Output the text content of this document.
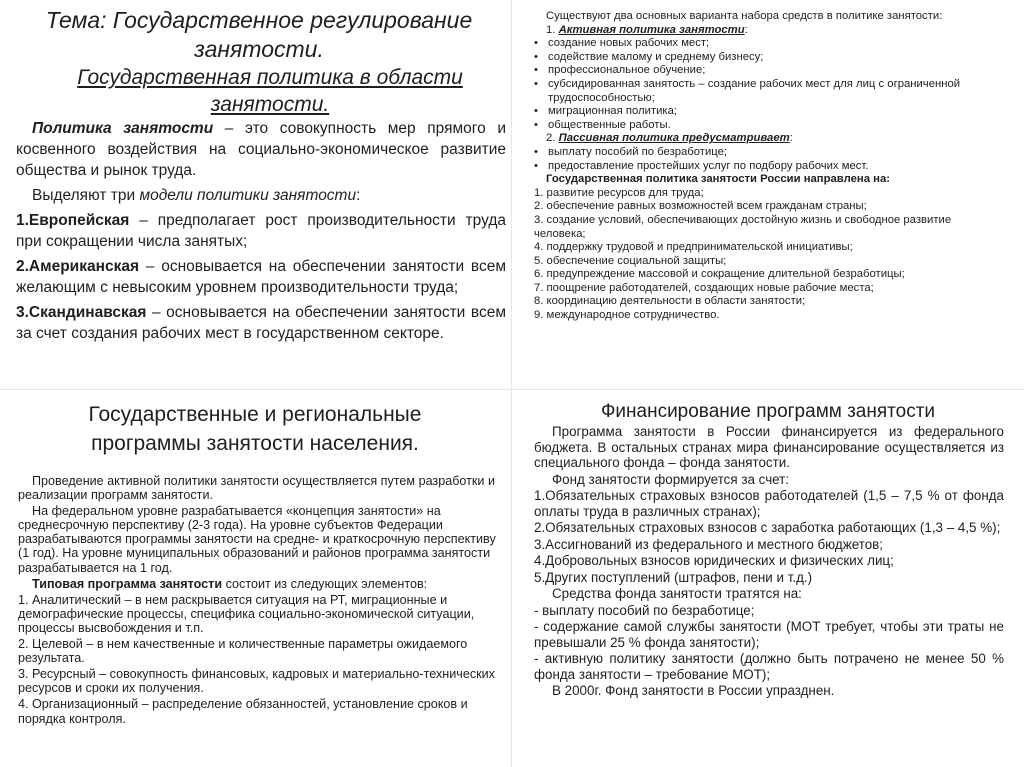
Тема: Государственное регулирование занятости.

Государственная политика в области занятости.

Политика занятости – это совокупность мер прямого и косвенного воздействия на социально-экономическое развитие общества и рынок труда.

Выделяют три модели политики занятости:

1.Европейская – предполагает рост производительности труда при сокращении числа занятых;

2.Американская – основывается на обеспечении занятости всем желающим с невысоким уровнем производительности труда;

3.Скандинавская – основывается на обеспечении занятости всем за счет создания рабочих мест в государственном секторе.

Существуют два основных варианта набора средств в политике занятости:

1. Активная политика занятости:

• создание новых рабочих мест;

• содействие малому и среднему бизнесу;

• профессиональное обучение;

• субсидированная занятость – создание рабочих мест для лиц с ограниченной трудоспособностью;

• миграционная политика;

• общественные работы.

2. Пассивная политика предусматривает:

• выплату пособий по безработице;

• предоставление простейших услуг по подбору рабочих мест.

Государственная политика занятости России направлена на:

1. развитие ресурсов для труда;

2. обеспечение равных возможностей всем гражданам страны;

3. создание условий, обеспечивающих достойную жизнь и свободное развитие человека;

4. поддержку трудовой и предпринимательской инициативы;

5. обеспечение социальной защиты;

6. предупреждение массовой и сокращение длительной безработицы;

7. поощрение работодателей, создающих новые рабочие места;

8. координацию деятельности в области занятости;

9. международное сотрудничество.

Государственные и региональные программы занятости населения.

Проведение активной политики занятости осуществляется путем разработки и реализации программ занятости.

На федеральном уровне разрабатывается «концепция занятости» на среднесрочную перспективу (2-3 года). На уровне субъектов Федерации разрабатываются программы занятости на средне- и краткосрочную перспективу (1 год). На уровне муниципальных образований и районов программа занятости разрабатывается на 1 год.

Типовая программа занятости состоит из следующих элементов:

1. Аналитический – в нем раскрывается ситуация на РТ, миграционные и демографические процессы, специфика социально-экономической ситуации, процессы высвобождения и т.п.

2. Целевой – в нем качественные и количественные параметры ожидаемого результата.

3. Ресурсный – совокупность финансовых, кадровых и материально-технических ресурсов и сроки их получения.

4. Организационный – распределение обязанностей, установление сроков и порядка контроля.

Финансирование программ занятости

Программа занятости в России финансируется из федерального бюджета. В остальных странах мира финансирование осуществляется из специального фонда – фонда занятости.

Фонд занятости формируется за счет:

1.Обязательных страховых взносов работодателей (1,5 – 7,5 % от фонда оплаты труда в различных странах);

2.Обязательных страховых взносов с заработка работающих (1,3 – 4,5 %);

3.Ассигнований из федерального и местного бюджетов;

4.Добровольных взносов юридических и физических лиц;

5.Других поступлений (штрафов, пени и т.д.)

Средства фонда занятости тратятся на:

- выплату пособий по безработице;

- содержание самой службы занятости (МОТ требует, чтобы эти траты не превышали 25 % фонда занятости);

- активную политику занятости (должно быть потрачено не менее 50 % фонда занятости – требование МОТ);

В 2000г. Фонд занятости в России упразднен.
